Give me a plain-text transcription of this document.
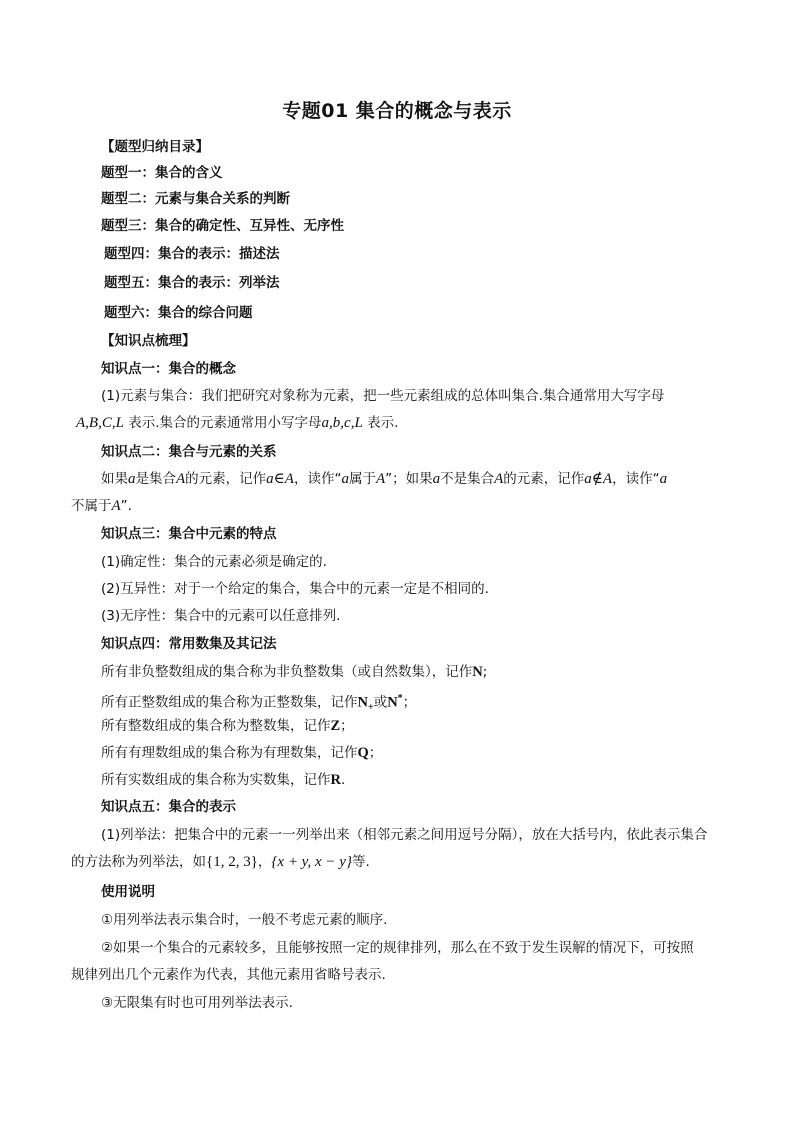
专题01 集合的概念与表示
【题型归纳目录】
题型一：集合的含义
题型二：元素与集合关系的判断
题型三：集合的确定性、互异性、无序性
题型四：集合的表示：描述法
题型五：集合的表示：列举法
题型六：集合的综合问题
【知识点梳理】
知识点一：集合的概念
(1)元素与集合：我们把研究对象称为元素，把一些元素组成的总体叫集合.集合通常用大写字母
A,B,C,L 表示.集合的元素通常用小写字母a,b,c,L 表示.
知识点二：集合与元素的关系
如果a是集合A的元素，记作a∈A，读作“a属于A”；如果a不是集合A的元素，记作a∉A，读作“a
不属于A”.
知识点三：集合中元素的特点
(1)确定性：集合的元素必须是确定的.
(2)互异性：对于一个给定的集合，集合中的元素一定是不相同的.
(3)无序性：集合中的元素可以任意排列.
知识点四：常用数集及其记法
所有非负整数组成的集合称为非负整数集（或自然数集），记作N;
所有正整数组成的集合称为正整数集，记作$N_+$或N*；
所有整数组成的集合称为整数集，记作Z；
所有有理数组成的集合称为有理数集，记作Q；
所有实数组成的集合称为实数集，记作R.
知识点五：集合的表示
(1)列举法：把集合中的元素一一列举出来（相邻元素之间用逗号分隔），放在大括号内，依此表示集合
的方法称为列举法，如{1, 2, 3}，{x + y, x − y}等.
使用说明
①用列举法表示集合时，一般不考虑元素的顺序.
②如果一个集合的元素较多，且能够按照一定的规律排列，那么在不致于发生误解的情况下，可按照
规律列出几个元素作为代表，其他元素用省略号表示.
③无限集有时也可用列举法表示.
